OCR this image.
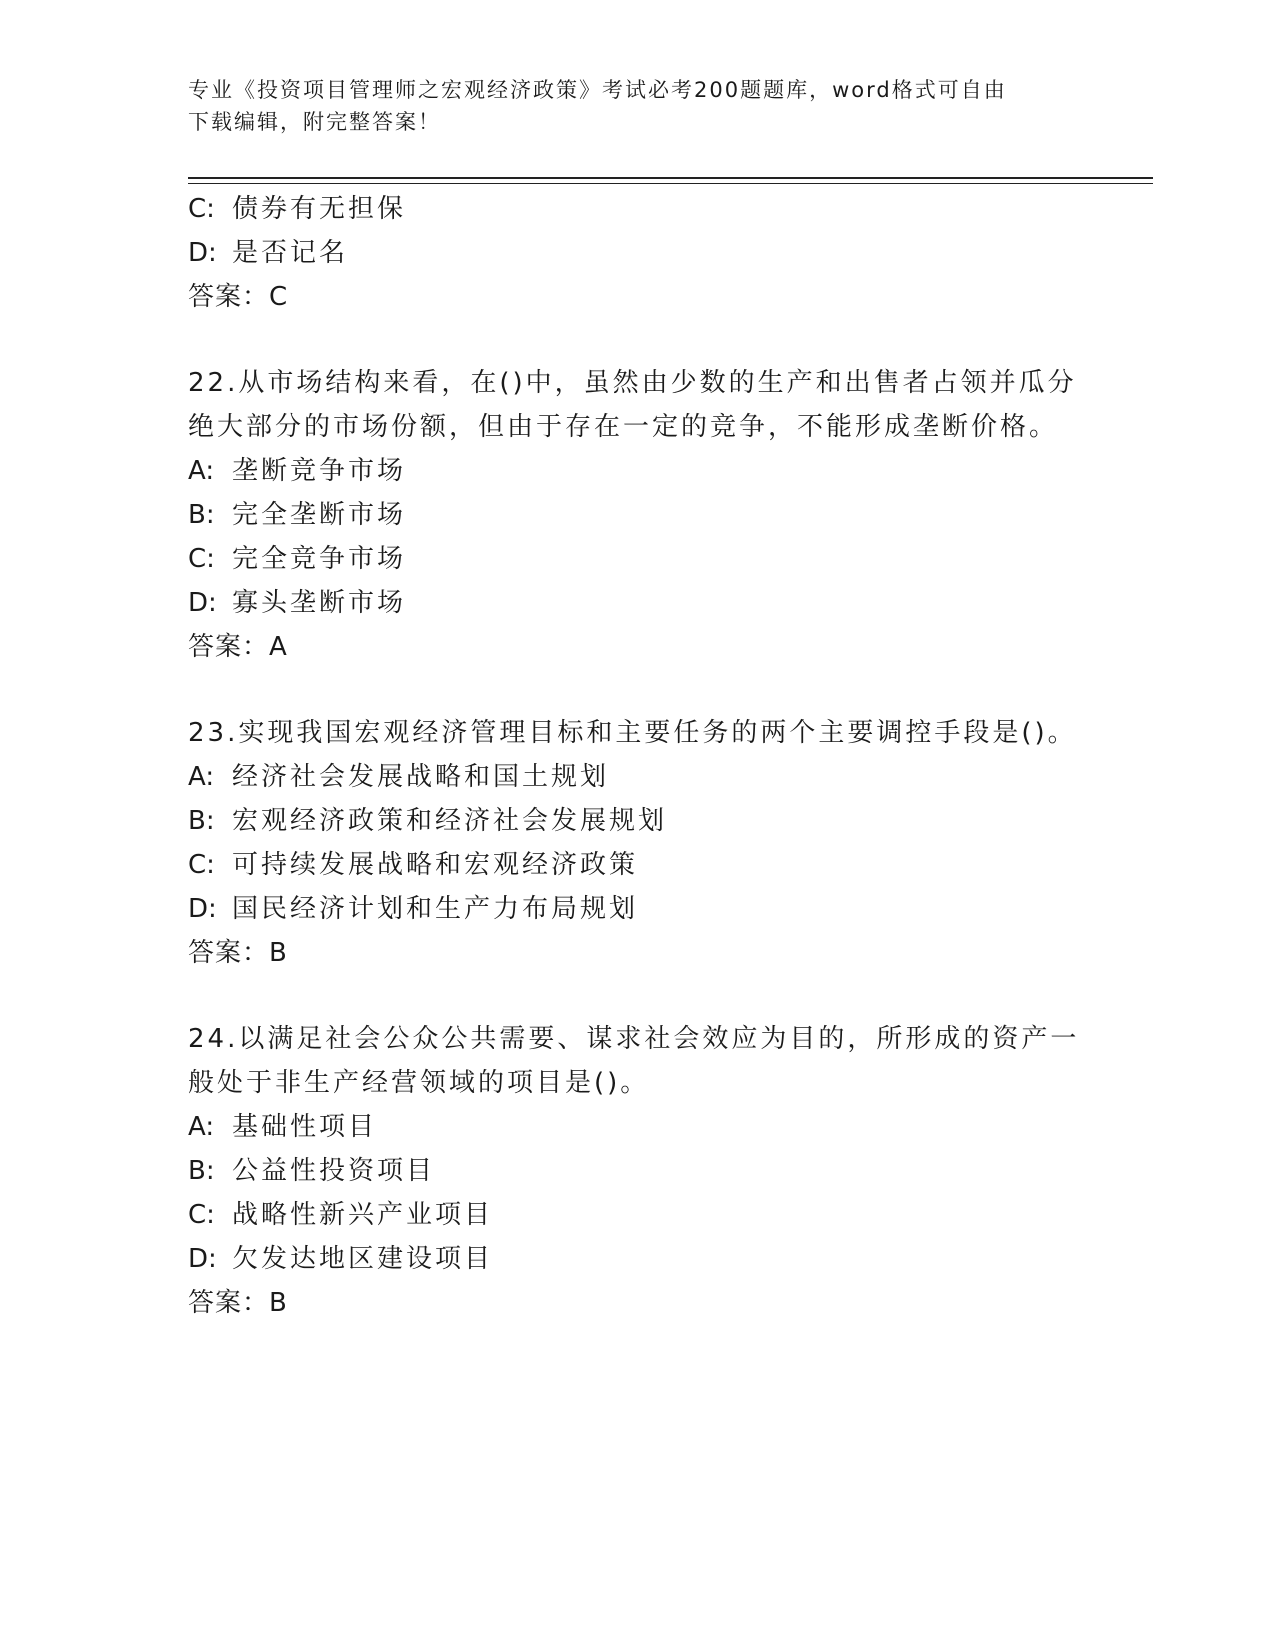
专业《投资项目管理师之宏观经济政策》考试必考200题题库，word格式可自由
下载编辑，附完整答案！
C: 债券有无担保
D: 是否记名
答案：C
22.从市场结构来看，在()中，虽然由少数的生产和出售者占领并瓜分
绝大部分的市场份额，但由于存在一定的竞争，不能形成垄断价格。
A: 垄断竞争市场
B: 完全垄断市场
C: 完全竞争市场
D: 寡头垄断市场
答案：A
23.实现我国宏观经济管理目标和主要任务的两个主要调控手段是()。
A: 经济社会发展战略和国土规划
B: 宏观经济政策和经济社会发展规划
C: 可持续发展战略和宏观经济政策
D: 国民经济计划和生产力布局规划
答案：B
24.以满足社会公众公共需要、谋求社会效应为目的，所形成的资产一
般处于非生产经营领域的项目是()。
A: 基础性项目
B: 公益性投资项目
C: 战略性新兴产业项目
D: 欠发达地区建设项目
答案：B
